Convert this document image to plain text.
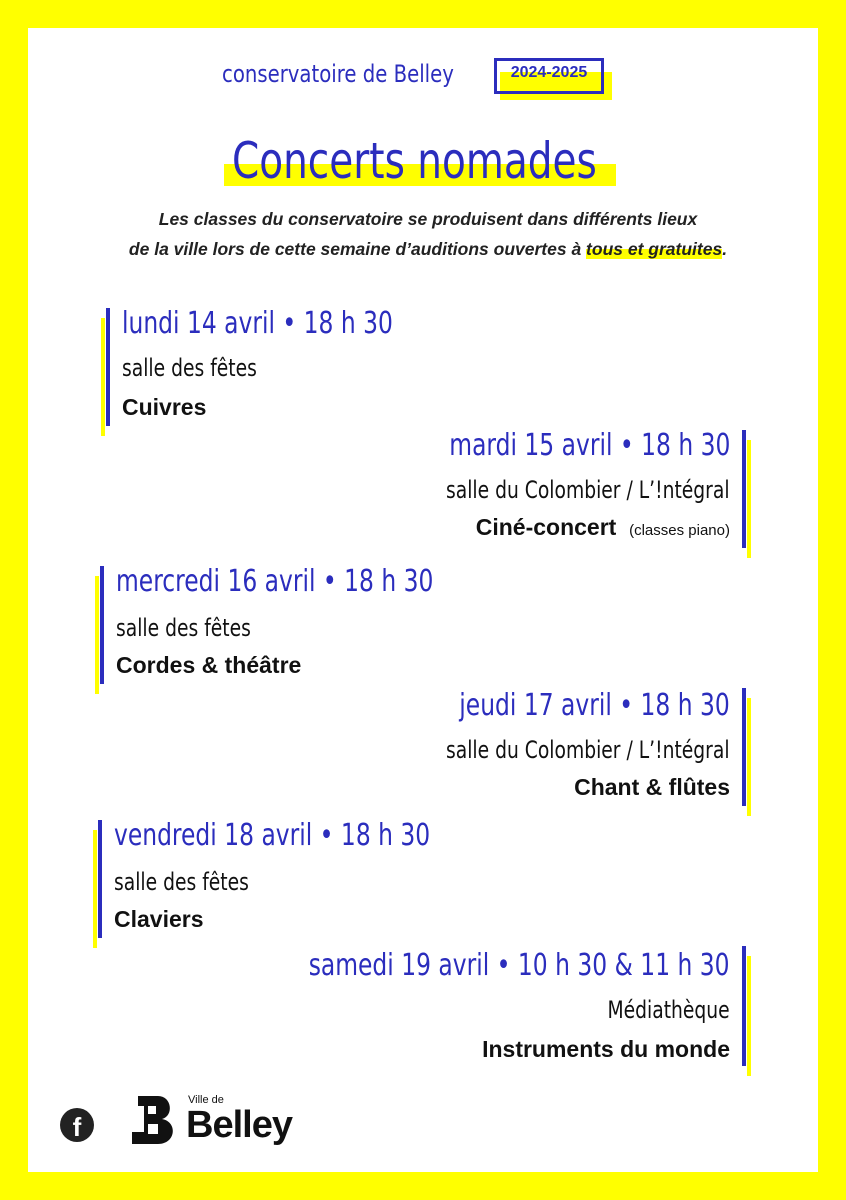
conservatoire de Belley	2024-2025
Concerts nomades
Les classes du conservatoire se produisent dans différents lieux
de la ville lors de cette semaine d’auditions ouvertes à tous et gratuites.
lundi 14 avril • 18 h 30
salle des fêtes
Cuivres
mardi 15 avril • 18 h 30
salle du Colombier / L’!ntégral
Ciné-concert (classes piano)
mercredi 16 avril • 18 h 30
salle des fêtes
Cordes & théâtre
jeudi 17 avril • 18 h 30
salle du Colombier / L’!ntégral
Chant & flûtes
vendredi 18 avril • 18 h 30
salle des fêtes
Claviers
samedi 19 avril • 10 h 30 & 11 h 30
Médiathèque
Instruments du monde
f
Ville de
Belley
